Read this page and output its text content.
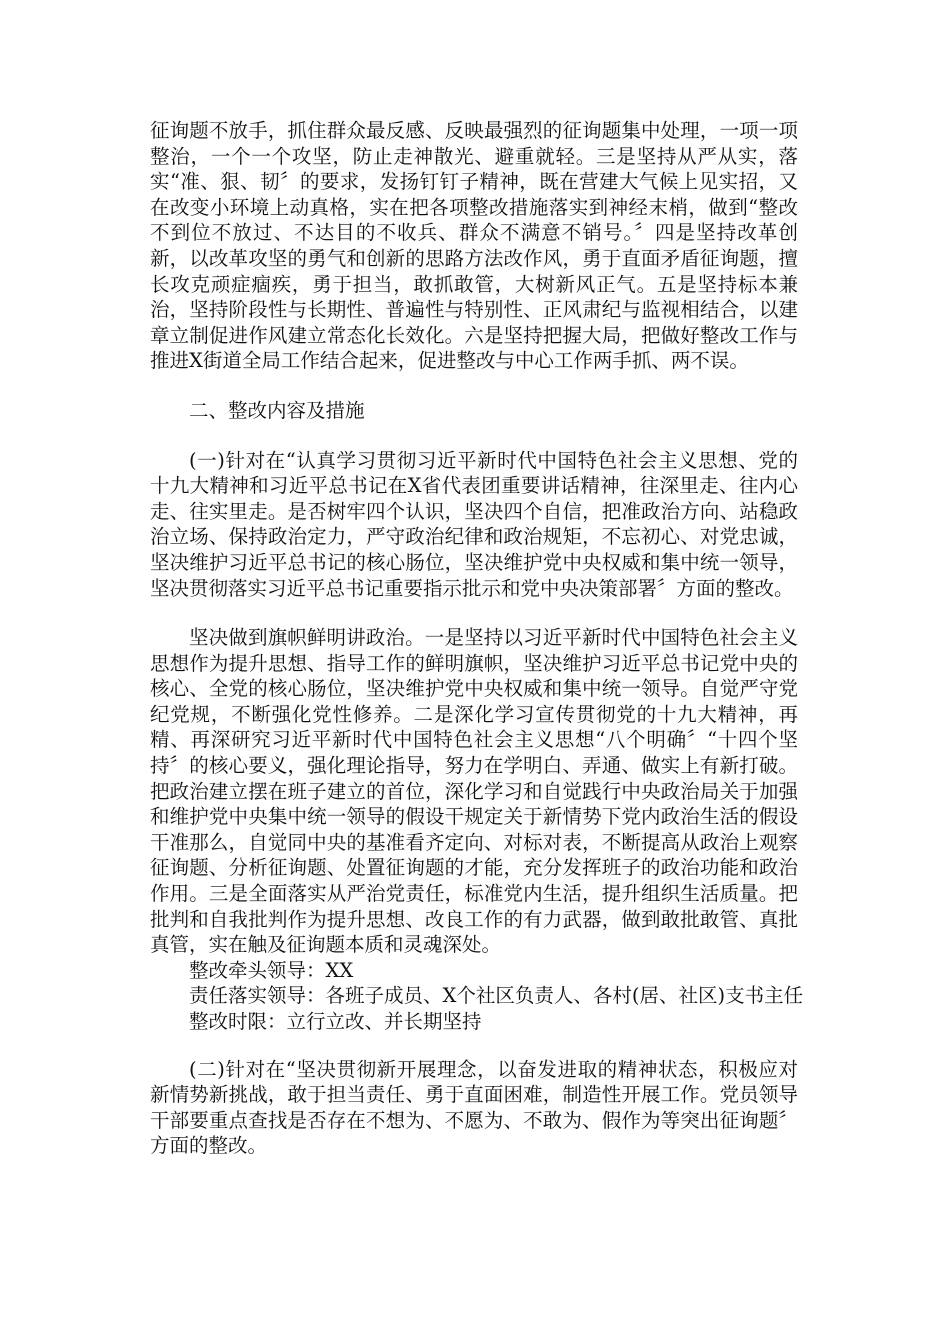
征询题不放手，抓住群众最反感、反映最强烈的征询题集中处理，一项一项整治，一个一个攻坚，防止走神散光、避重就轻。三是坚持从严从实，落实“准、狠、韧〞的要求，发扬钉钉子精神，既在营建大气候上见实招，又在改变小环境上动真格，实在把各项整改措施落实到神经末梢，做到“整改不到位不放过、不达目的不收兵、群众不满意不销号。〞四是坚持改革创新，以改革攻坚的勇气和创新的思路方法改作风，勇于直面矛盾征询题，擅长攻克顽症痼疾，勇于担当，敢抓敢管，大树新风正气。五是坚持标本兼治，坚持阶段性与长期性、普遍性与特别性、正风肃纪与监视相结合，以建章立制促进作风建立常态化长效化。六是坚持把握大局，把做好整改工作与推进X街道全局工作结合起来，促进整改与中心工作两手抓、两不误。

二、整改内容及措施

(一)针对在“认真学习贯彻习近平新时代中国特色社会主义思想、党的十九大精神和习近平总书记在X省代表团重要讲话精神，往深里走、往内心走、往实里走。是否树牢四个认识，坚决四个自信，把准政治方向、站稳政治立场、保持政治定力，严守政治纪律和政治规矩，不忘初心、对党忠诚，坚决维护习近平总书记的核心肠位，坚决维护党中央权威和集中统一领导，坚决贯彻落实习近平总书记重要指示批示和党中央决策部署〞方面的整改。

坚决做到旗帜鲜明讲政治。一是坚持以习近平新时代中国特色社会主义思想作为提升思想、指导工作的鲜明旗帜，坚决维护习近平总书记党中央的核心、全党的核心肠位，坚决维护党中央权威和集中统一领导。自觉严守党纪党规，不断强化党性修养。二是深化学习宣传贯彻党的十九大精神，再精、再深研究习近平新时代中国特色社会主义思想“八个明确〞“十四个坚持〞的核心要义，强化理论指导，努力在学明白、弄通、做实上有新打破。把政治建立摆在班子建立的首位，深化学习和自觉践行中央政治局关于加强和维护党中央集中统一领导的假设干规定关于新情势下党内政治生活的假设干准那么，自觉同中央的基准看齐定向、对标对表，不断提高从政治上观察征询题、分析征询题、处置征询题的才能，充分发挥班子的政治功能和政治作用。三是全面落实从严治党责任，标准党内生活，提升组织生活质量。把批判和自我批判作为提升思想、改良工作的有力武器，做到敢批敢管、真批真管，实在触及征询题本质和灵魂深处。

整改牵头领导：XX

责任落实领导：各班子成员、X个社区负责人、各村(居、社区)支书主任

整改时限：立行立改、并长期坚持

(二)针对在“坚决贯彻新开展理念，以奋发进取的精神状态，积极应对新情势新挑战，敢于担当责任、勇于直面困难，制造性开展工作。党员领导干部要重点查找是否存在不想为、不愿为、不敢为、假作为等突出征询题〞方面的整改。
